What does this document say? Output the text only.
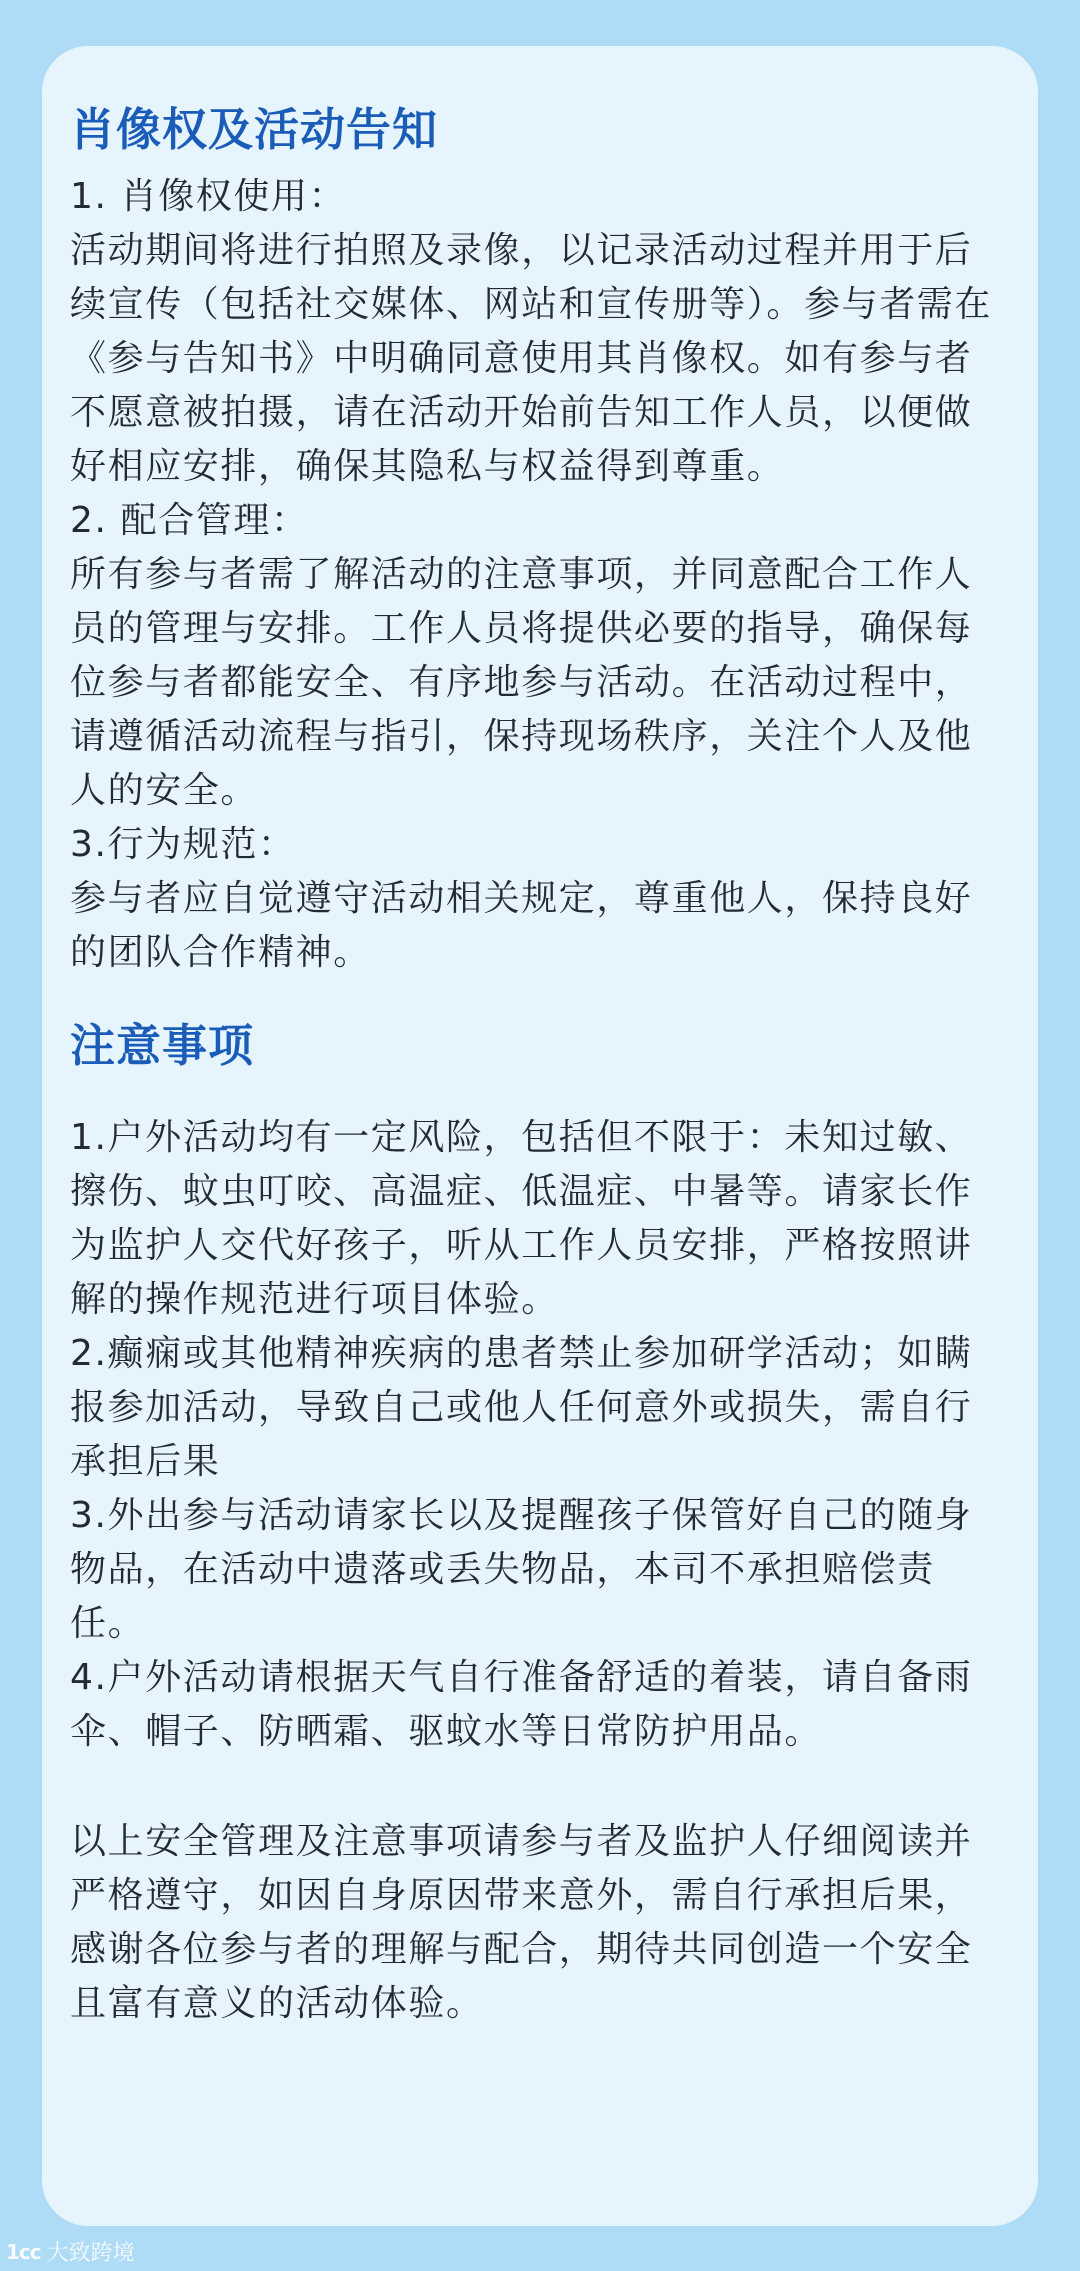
肖像权及活动告知

1. 肖像权使用：

活动期间将进行拍照及录像，以记录活动过程并用于后续宣传（包括社交媒体、网站和宣传册等）。参与者需在《参与告知书》中明确同意使用其肖像权。如有参与者不愿意被拍摄，请在活动开始前告知工作人员，以便做好相应安排，确保其隐私与权益得到尊重。

2. 配合管理：

所有参与者需了解活动的注意事项，并同意配合工作人员的管理与安排。工作人员将提供必要的指导，确保每位参与者都能安全、有序地参与活动。在活动过程中，请遵循活动流程与指引，保持现场秩序，关注个人及他人的安全。

3.行为规范：

参与者应自觉遵守活动相关规定，尊重他人，保持良好的团队合作精神。

注意事项

1.户外活动均有一定风险，包括但不限于：未知过敏、擦伤、蚊虫叮咬、高温症、低温症、中暑等。请家长作为监护人交代好孩子，听从工作人员安排，严格按照讲解的操作规范进行项目体验。

2.癫痫或其他精神疾病的患者禁止参加研学活动；如瞒报参加活动，导致自己或他人任何意外或损失，需自行承担后果

3.外出参与活动请家长以及提醒孩子保管好自己的随身物品，在活动中遗落或丢失物品，本司不承担赔偿责任。

4.户外活动请根据天气自行准备舒适的着装，请自备雨伞、帽子、防晒霜、驱蚊水等日常防护用品。

以上安全管理及注意事项请参与者及监护人仔细阅读并严格遵守，如因自身原因带来意外，需自行承担后果，感谢各位参与者的理解与配合，期待共同创造一个安全且富有意义的活动体验。

1cc 大致跨境
